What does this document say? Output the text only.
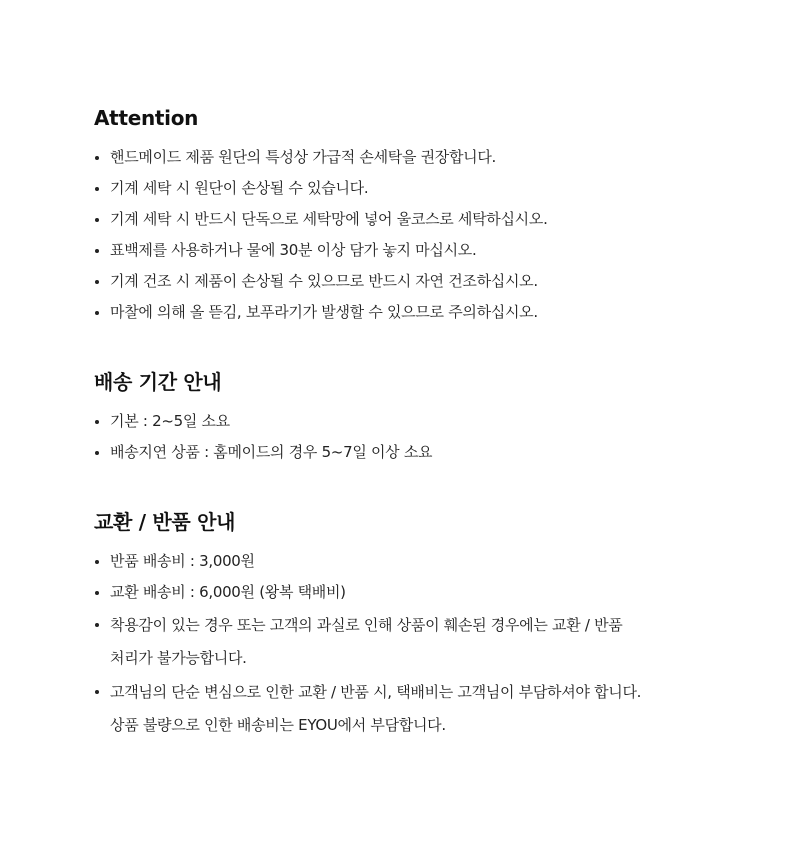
Attention
핸드메이드 제품 원단의 특성상 가급적 손세탁을 권장합니다.
기계 세탁 시 원단이 손상될 수 있습니다.
기계 세탁 시 반드시 단독으로 세탁망에 넣어 울코스로 세탁하십시오.
표백제를 사용하거나 물에 30분 이상 담가 놓지 마십시오.
기계 건조 시 제품이 손상될 수 있으므로 반드시 자연 건조하십시오.
마찰에 의해 올 뜯김, 보푸라기가 발생할 수 있으므로 주의하십시오.
배송 기간 안내
기본 : 2~5일 소요
배송지연 상품 : 홈메이드의 경우 5~7일 이상 소요
교환 / 반품 안내
반품 배송비 : 3,000원
교환 배송비 : 6,000원 (왕복 택배비)
착용감이 있는 경우 또는 고객의 과실로 인해 상품이 훼손된 경우에는 교환 / 반품
처리가 불가능합니다.
고객님의 단순 변심으로 인한 교환 / 반품 시, 택배비는 고객님이 부담하셔야 합니다.
상품 불량으로 인한 배송비는 EYOU에서 부담합니다.
